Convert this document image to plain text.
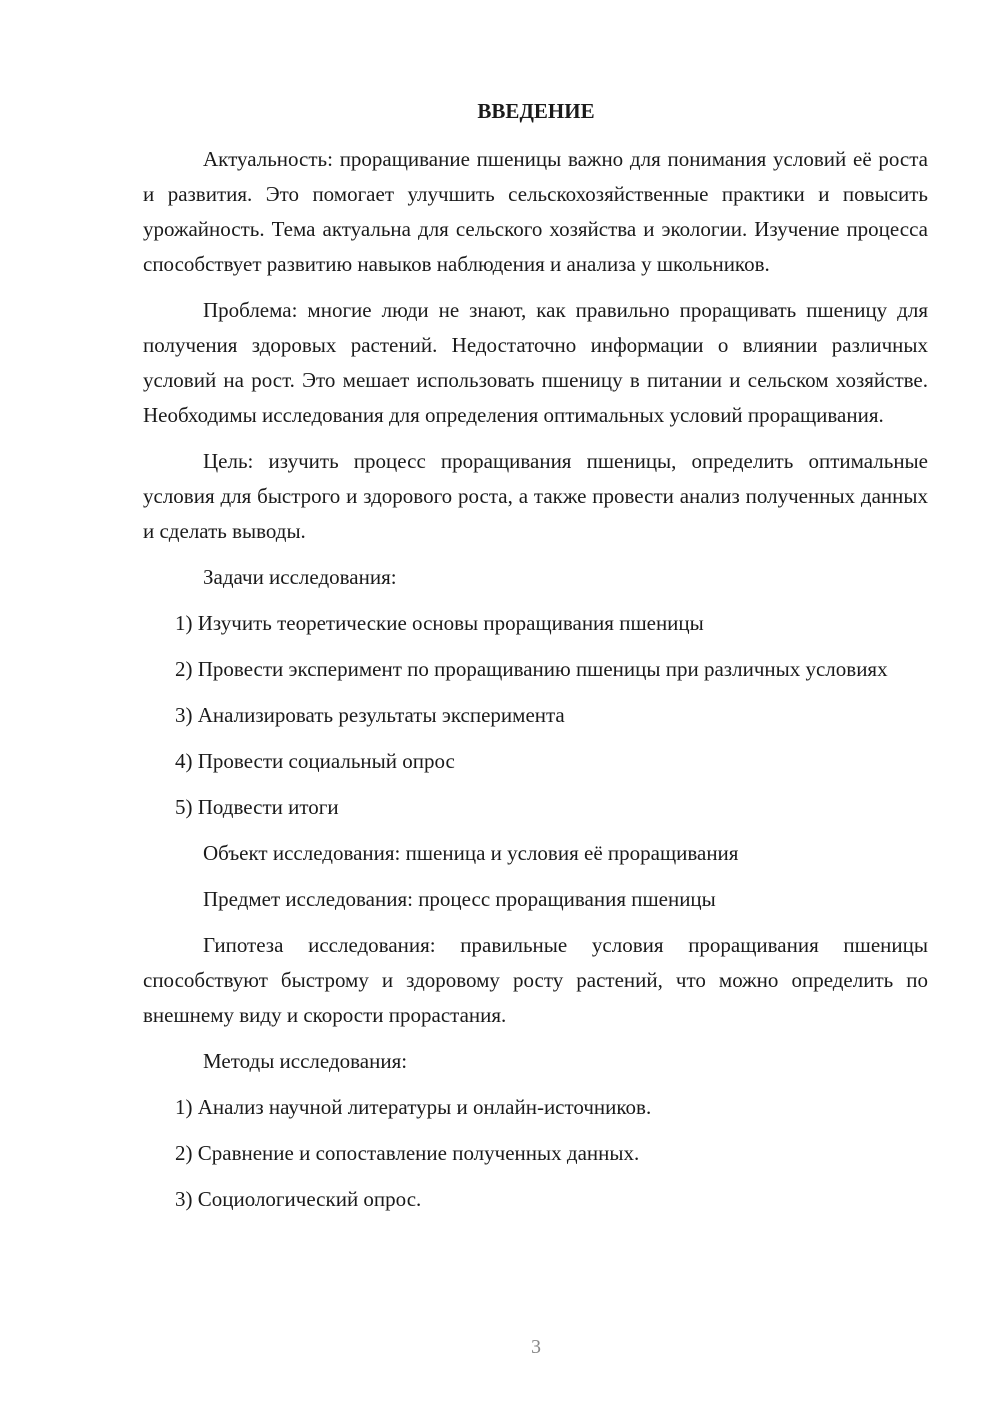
ВВЕДЕНИЕ

Актуальность: проращивание пшеницы важно для понимания условий её роста и развития. Это помогает улучшить сельскохозяйственные практики и повысить урожайность. Тема актуальна для сельского хозяйства и экологии. Изучение процесса способствует развитию навыков наблюдения и анализа у школьников.

Проблема: многие люди не знают, как правильно проращивать пшеницу для получения здоровых растений. Недостаточно информации о влиянии различных условий на рост. Это мешает использовать пшеницу в питании и сельском хозяйстве. Необходимы исследования для определения оптимальных условий проращивания.

Цель: изучить процесс проращивания пшеницы, определить оптимальные условия для быстрого и здорового роста, а также провести анализ полученных данных и сделать выводы.

Задачи исследования:

1) Изучить теоретические основы проращивания пшеницы

2) Провести эксперимент по проращиванию пшеницы при различных условиях

3) Анализировать результаты эксперимента

4) Провести социальный опрос

5) Подвести итоги

Объект исследования: пшеница и условия её проращивания

Предмет исследования: процесс проращивания пшеницы

Гипотеза исследования: правильные условия проращивания пшеницы способствуют быстрому и здоровому росту растений, что можно определить по внешнему виду и скорости прорастания.

Методы исследования:

1) Анализ научной литературы и онлайн-источников.

2) Сравнение и сопоставление полученных данных.

3) Социологический опрос.

3
